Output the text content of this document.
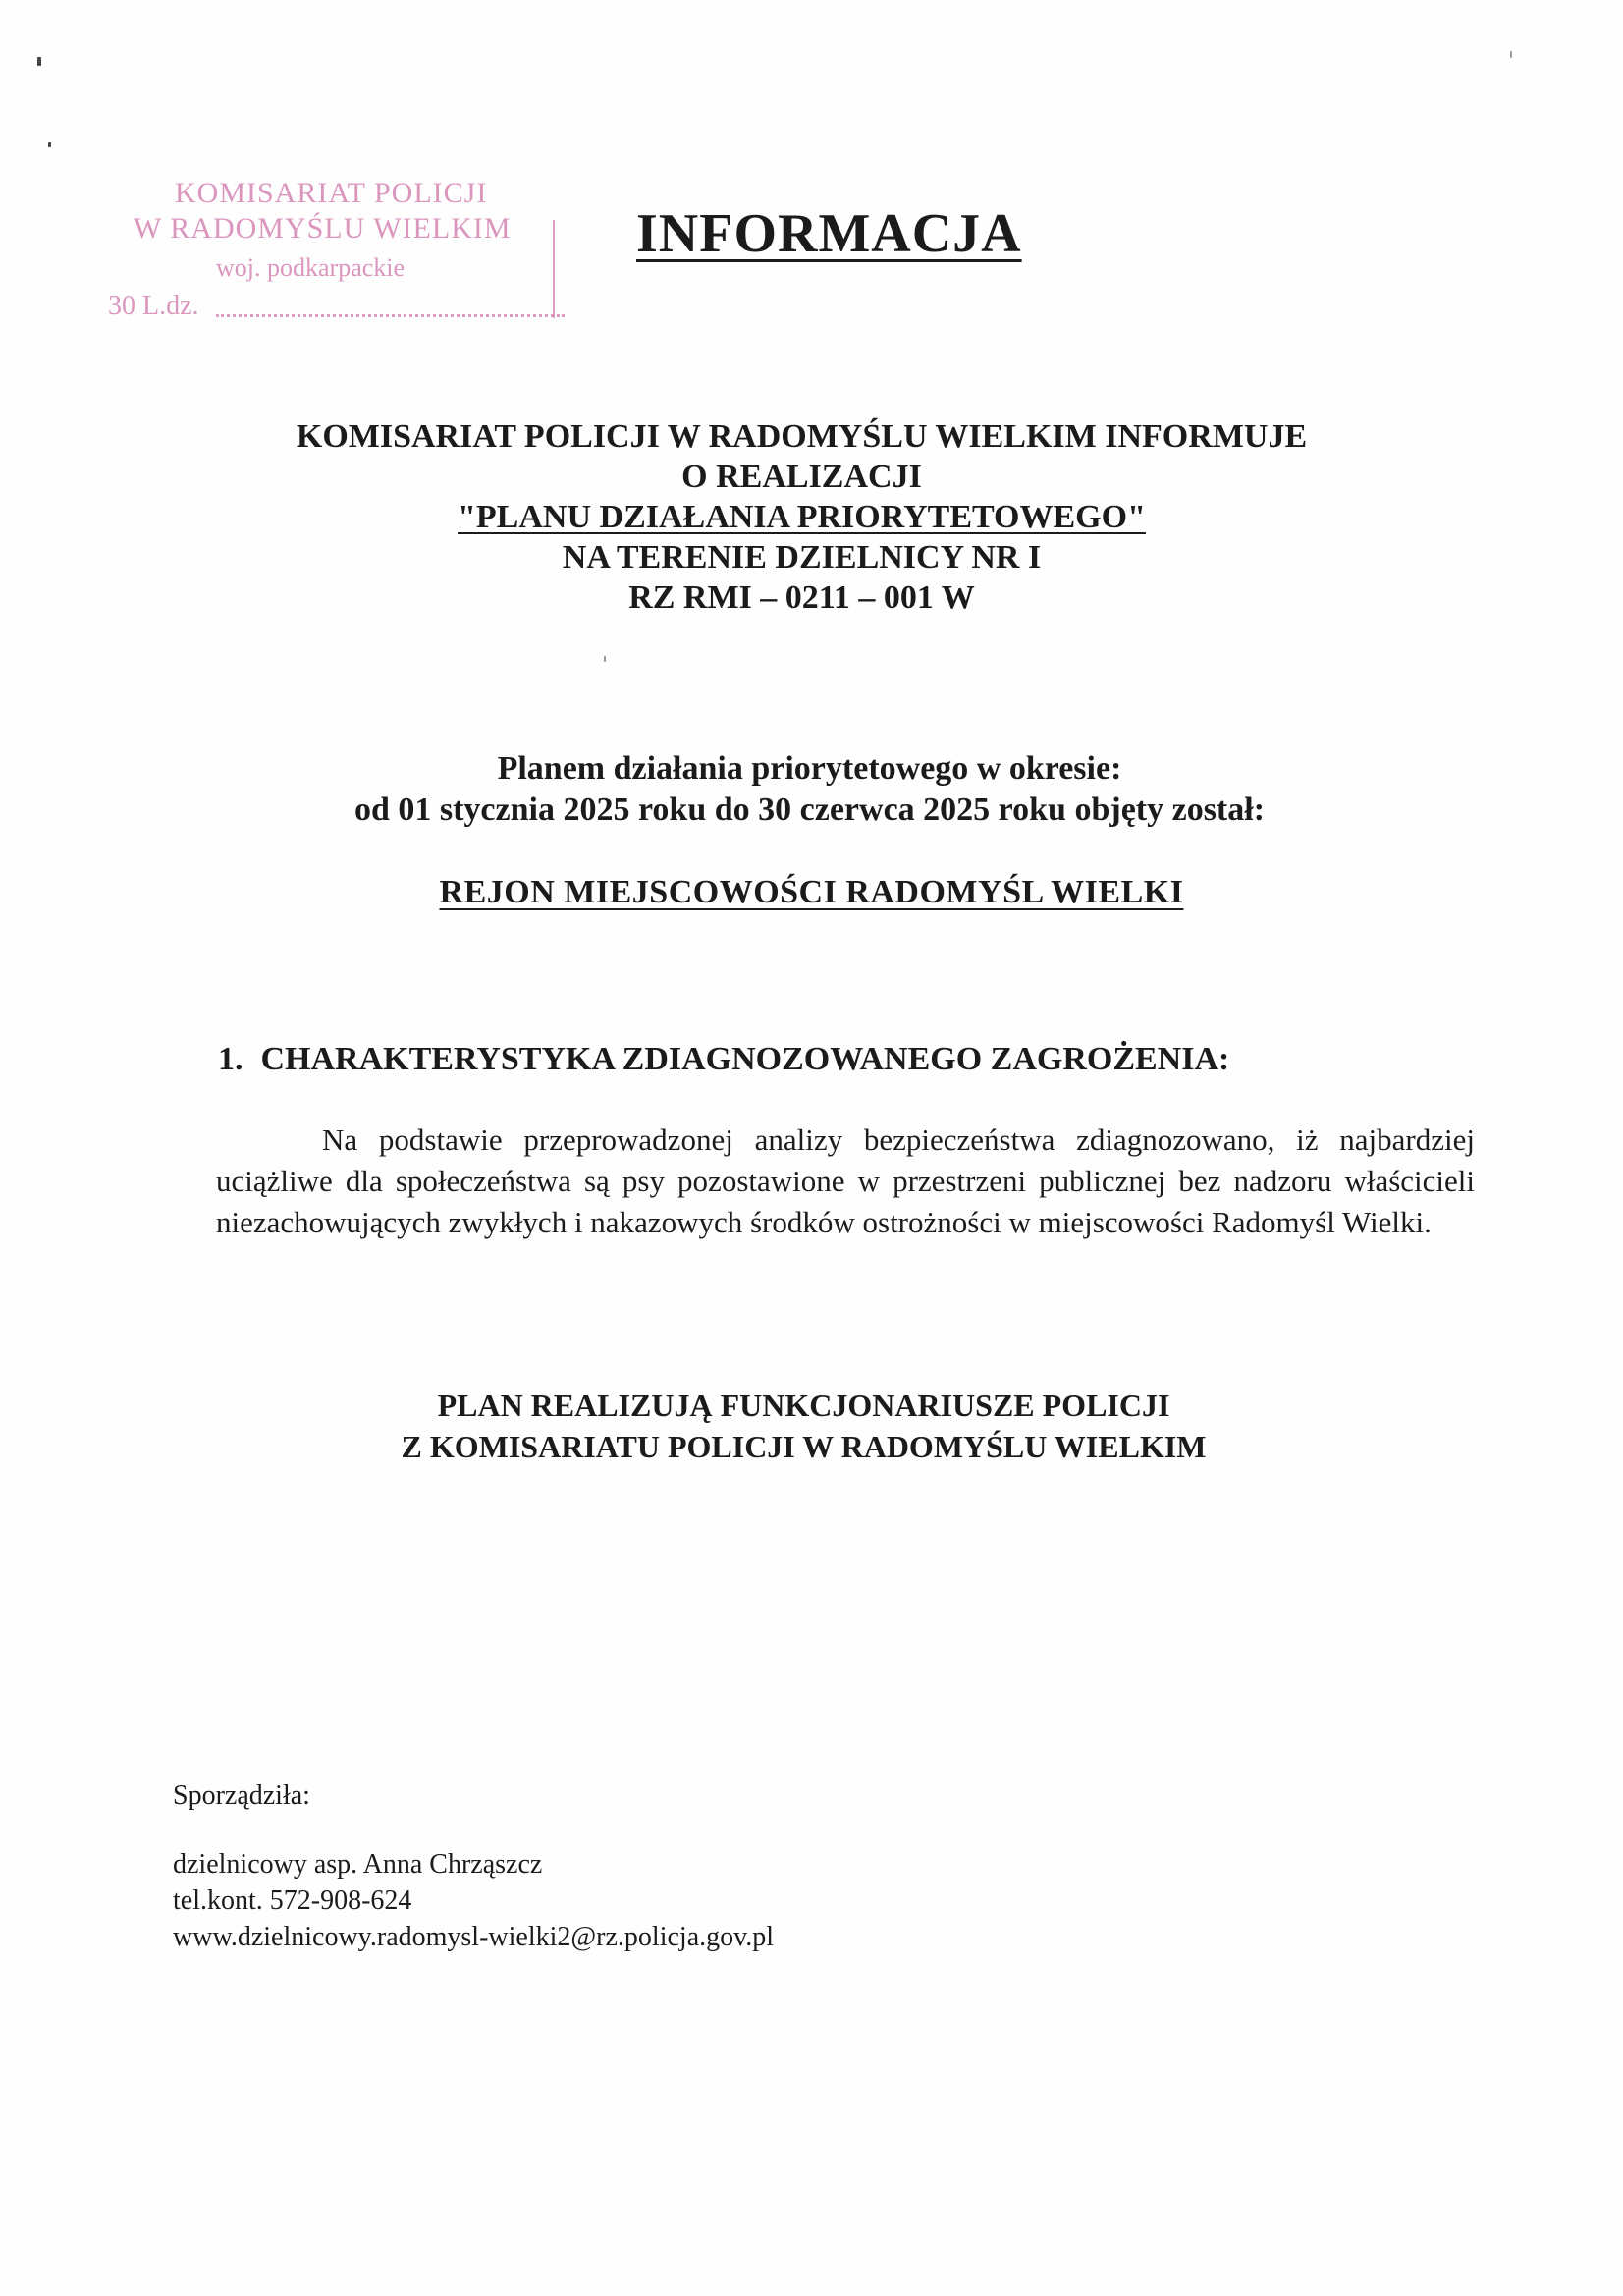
KOMISARIAT POLICJI
W RADOMYŚLU WIELKIM
woj. podkarpackie
30 L.dz.
INFORMACJA
KOMISARIAT POLICJI W RADOMYŚLU WIELKIM INFORMUJE
O REALIZACJI
"PLANU DZIAŁANIA PRIORYTETOWEGO"
NA TERENIE DZIELNICY NR I
RZ RMI – 0211 – 001 W
Planem działania priorytetowego w okresie:
od 01 stycznia 2025 roku do 30 czerwca 2025 roku objęty został:
REJON MIEJSCOWOŚCI RADOMYŚL WIELKI
1. CHARAKTERYSTYKA ZDIAGNOZOWANEGO ZAGROŻENIA:
Na podstawie przeprowadzonej analizy bezpieczeństwa zdiagnozowano, iż najbardziej uciążliwe dla społeczeństwa są psy pozostawione w przestrzeni publicznej bez nadzoru właścicieli niezachowujących zwykłych i nakazowych środków ostrożności w miejscowości Radomyśl Wielki.
PLAN REALIZUJĄ FUNKCJONARIUSZE POLICJI
Z KOMISARIATU POLICJI W RADOMYŚLU WIELKIM
Sporządziła:
dzielnicowy asp. Anna Chrząszcz
tel.kont. 572-908-624
www.dzielnicowy.radomysl-wielki2@rz.policja.gov.pl
